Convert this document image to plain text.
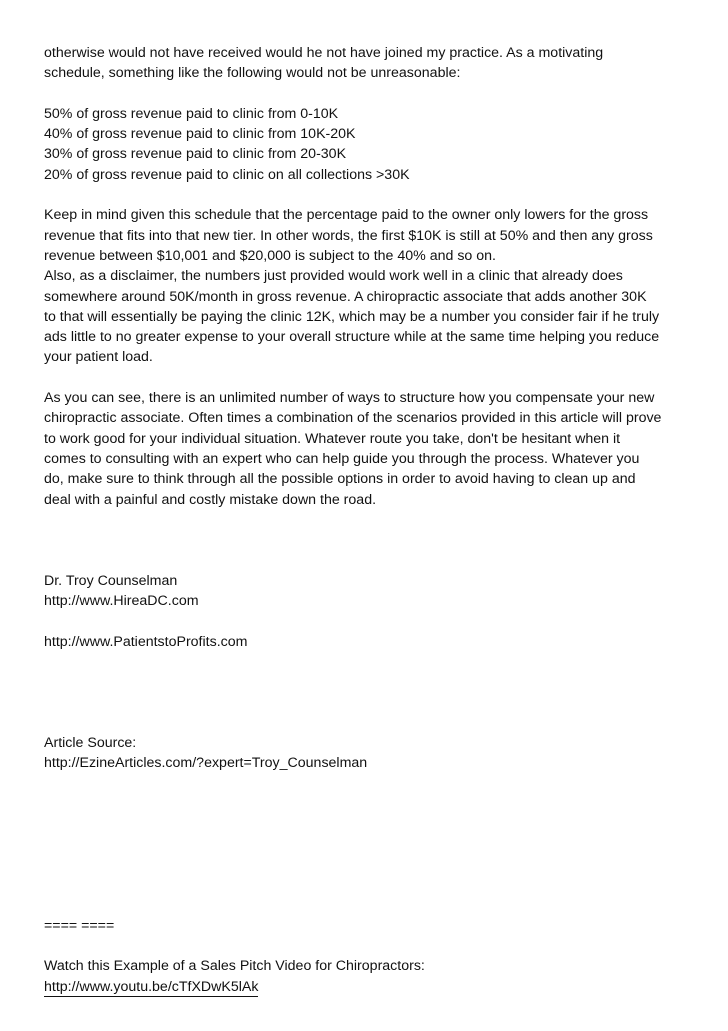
otherwise would not have received would he not have joined my practice. As a motivating
schedule, something like the following would not be unreasonable:
50% of gross revenue paid to clinic from 0-10K
40% of gross revenue paid to clinic from 10K-20K
30% of gross revenue paid to clinic from 20-30K
20% of gross revenue paid to clinic on all collections >30K
Keep in mind given this schedule that the percentage paid to the owner only lowers for the gross
revenue that fits into that new tier. In other words, the first $10K is still at 50% and then any gross
revenue between $10,001 and $20,000 is subject to the 40% and so on.
Also, as a disclaimer, the numbers just provided would work well in a clinic that already does
somewhere around 50K/month in gross revenue. A chiropractic associate that adds another 30K
to that will essentially be paying the clinic 12K, which may be a number you consider fair if he truly
ads little to no greater expense to your overall structure while at the same time helping you reduce
your patient load.
As you can see, there is an unlimited number of ways to structure how you compensate your new
chiropractic associate. Often times a combination of the scenarios provided in this article will prove
to work good for your individual situation. Whatever route you take, don't be hesitant when it
comes to consulting with an expert who can help guide you through the process. Whatever you
do, make sure to think through all the possible options in order to avoid having to clean up and
deal with a painful and costly mistake down the road.
Dr. Troy Counselman
http://www.HireaDC.com
http://www.PatientstoProfits.com
Article Source:
http://EzineArticles.com/?expert=Troy_Counselman
==== ====
Watch this Example of a Sales Pitch Video for Chiropractors:
http://www.youtu.be/cTfXDwK5lAk
